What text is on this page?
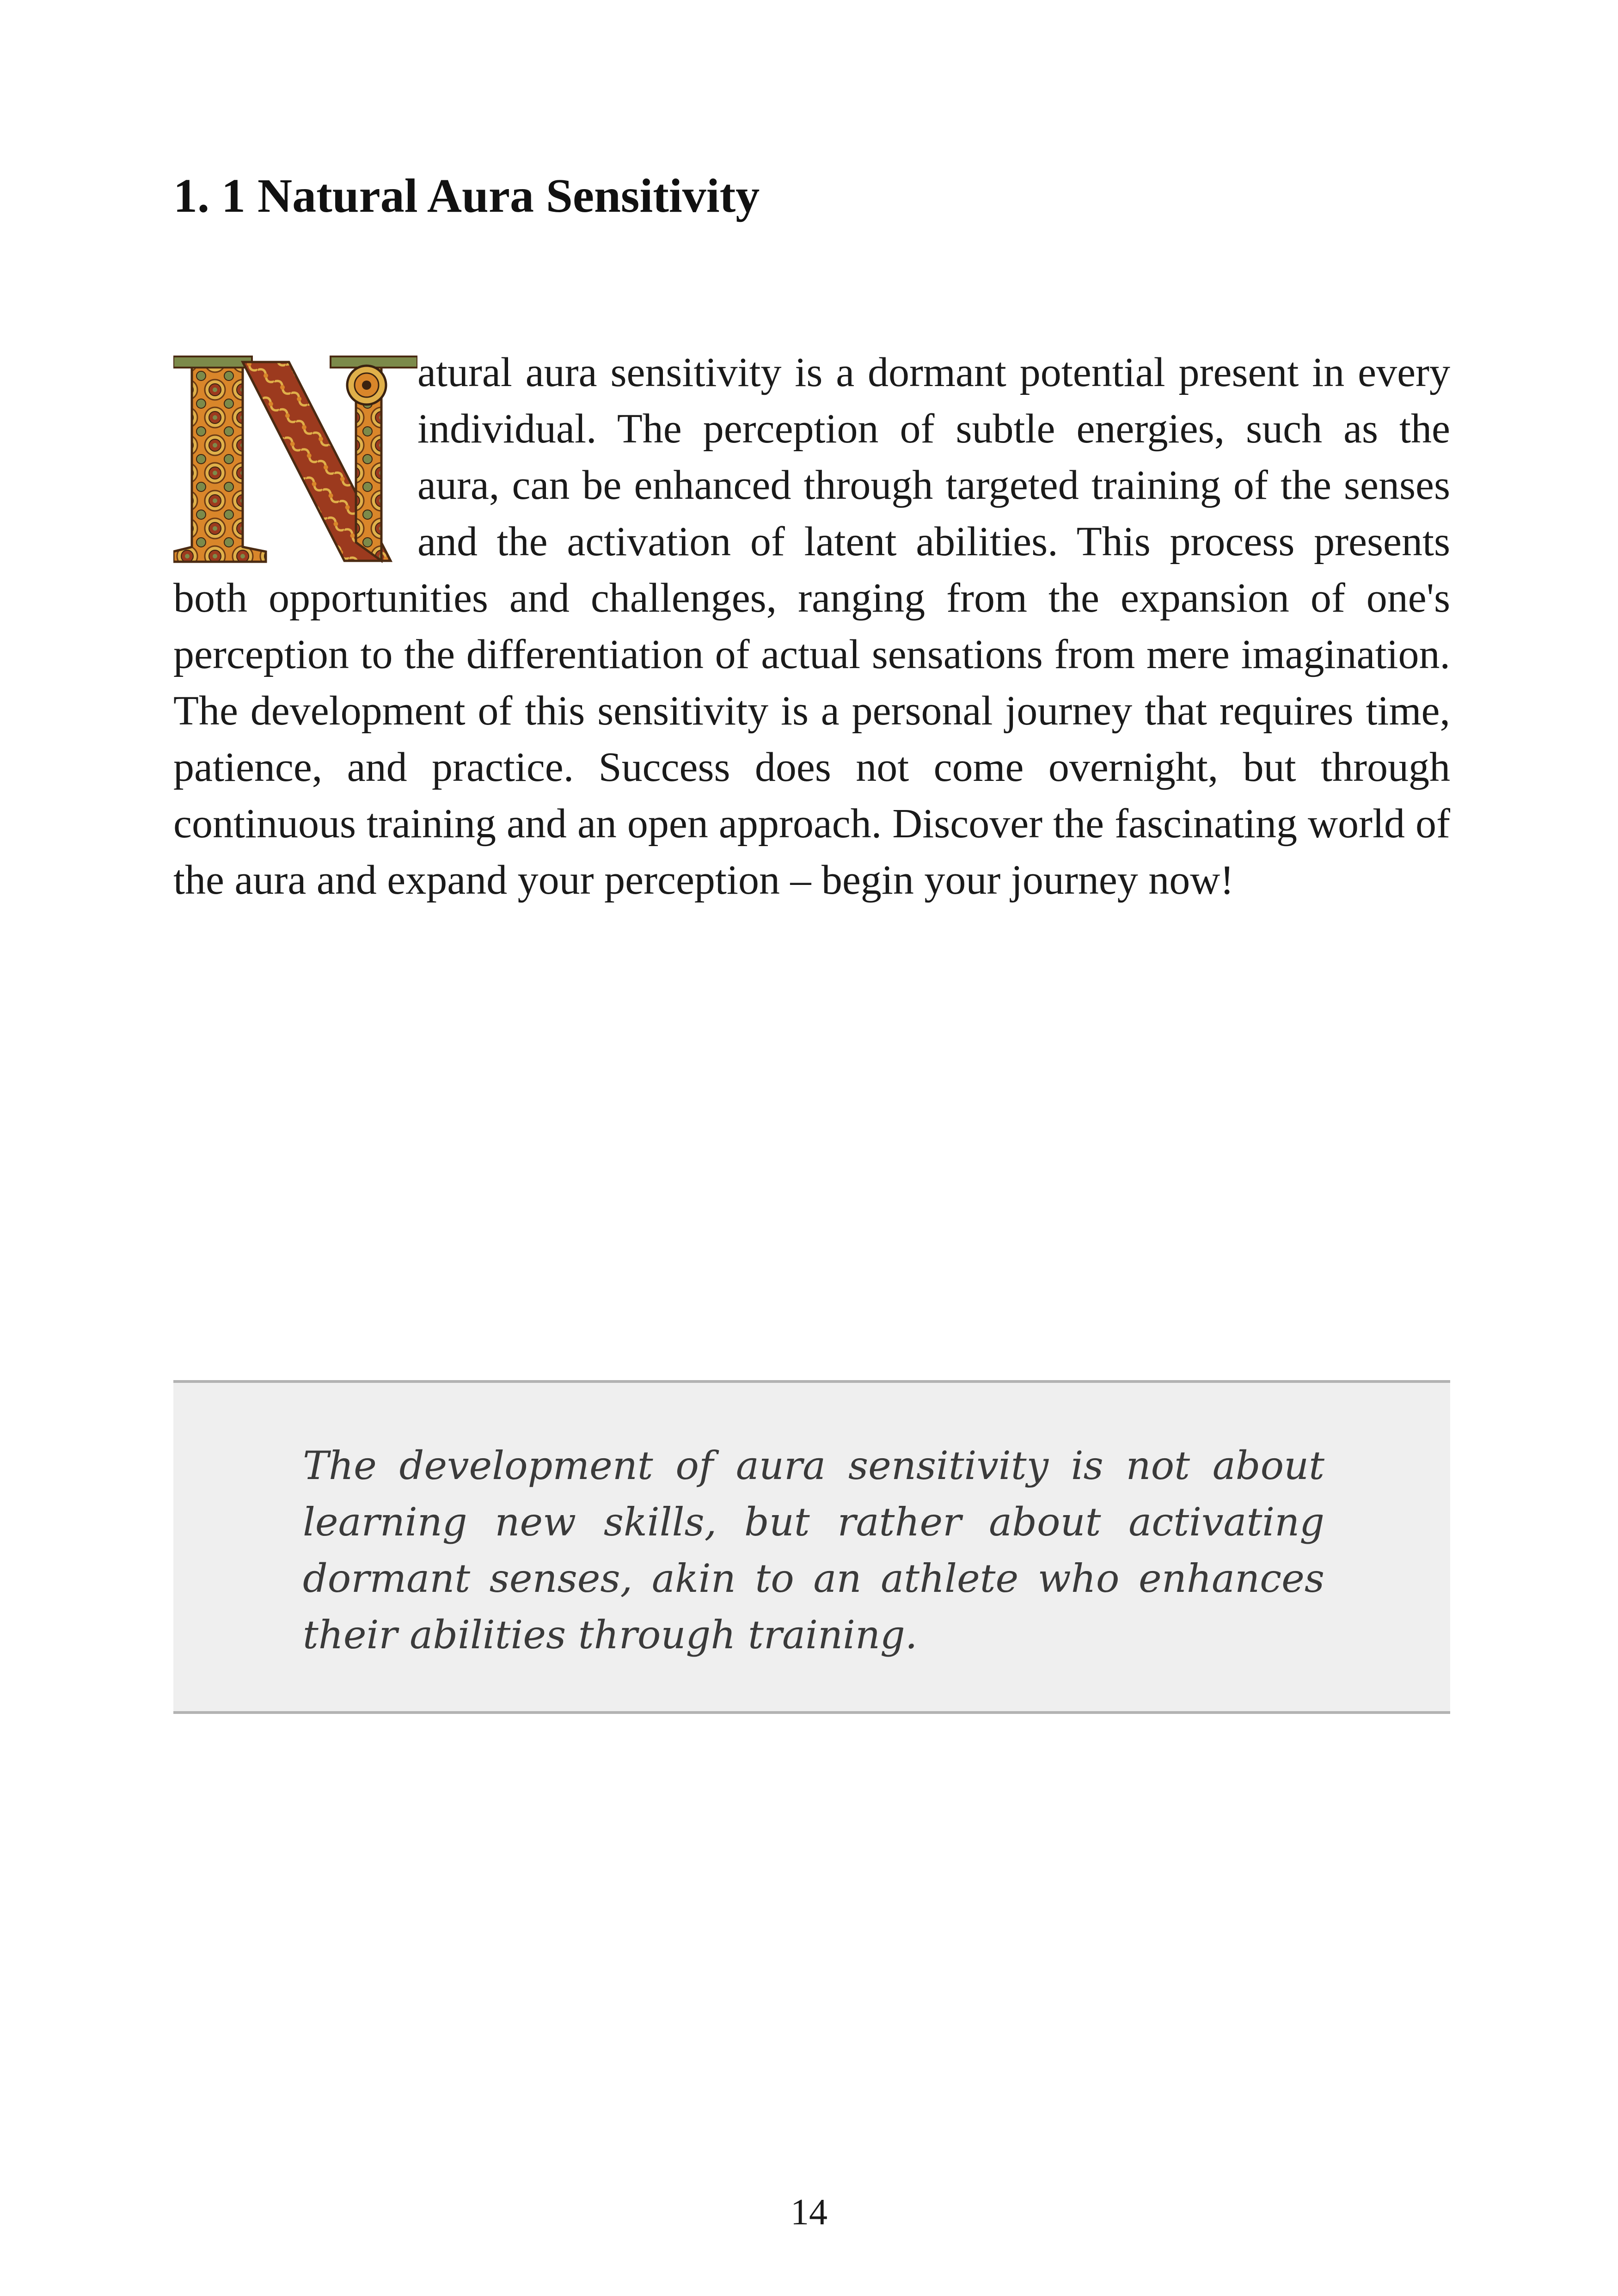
1. 1 Natural Aura Sensitivity
atural aura sensitivity is a dormant potential present in every individual. The perception of subtle energies, such as the aura, can be enhanced through targeted training of the senses and the activation of latent abilities. This process presents both opportunities and challenges, ranging from the expansion of one's perception to the differentiation of actual sensations from mere imagination. The development of this sensitivity is a personal journey that requires time, patience, and practice. Success does not come overnight, but through continuous training and an open approach. Discover the fascinating world of the aura and expand your perception – begin your journey now!
The development of aura sensitivity is not about learning new skills, but rather about activating dormant senses, akin to an athlete who enhances their abilities through training.
14
